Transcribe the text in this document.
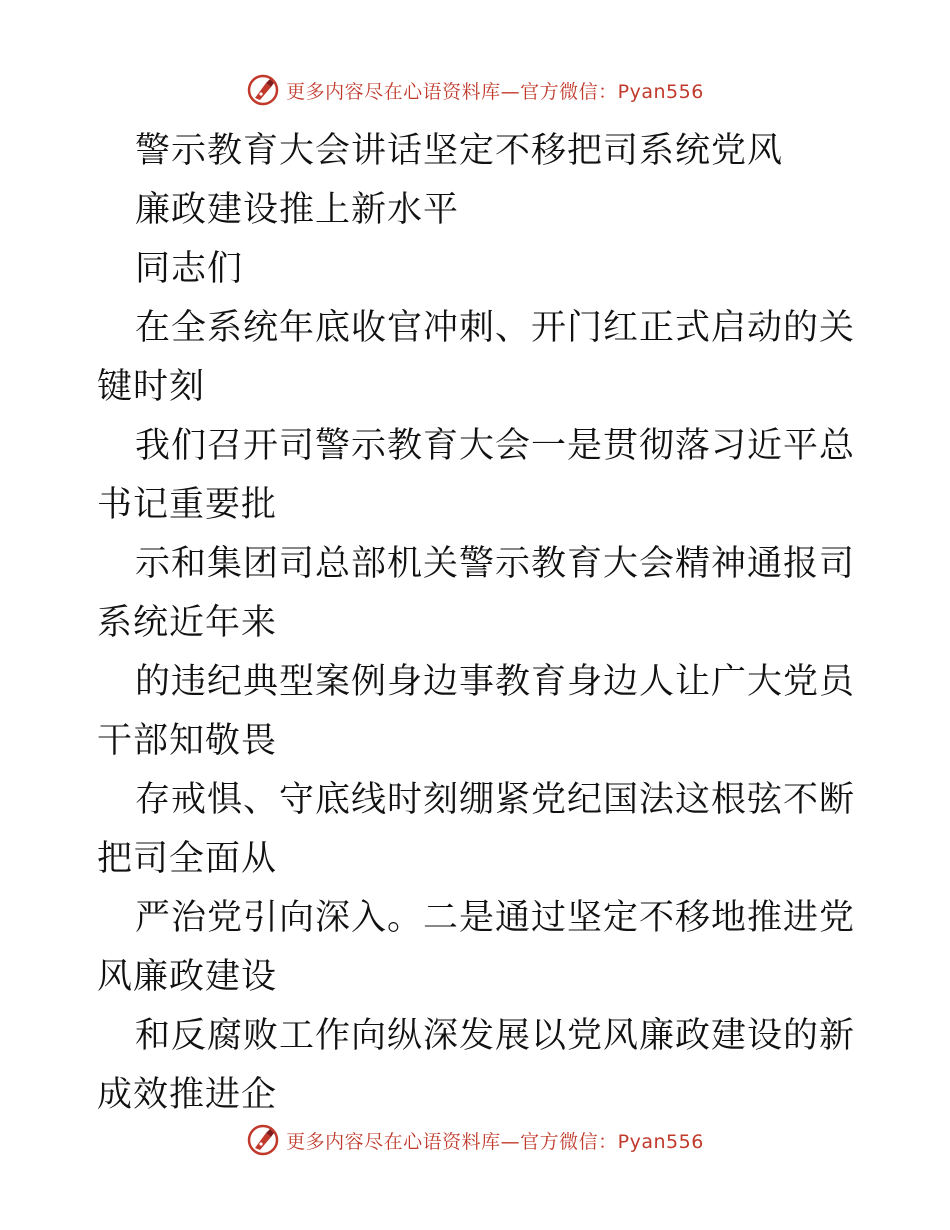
更多内容尽在心语资料库—官方微信：Pyan556

警示教育大会讲话坚定不移把司系统党风

廉政建设推上新水平

同志们

在全系统年底收官冲刺、开门红正式启动的关键时刻

我们召开司警示教育大会一是贯彻落习近平总书记重要批

示和集团司总部机关警示教育大会精神通报司系统近年来

的违纪典型案例身边事教育身边人让广大党员干部知敬畏

存戒惧、守底线时刻绷紧党纪国法这根弦不断把司全面从

严治党引向深入。二是通过坚定不移地推进党风廉政建设

和反腐败工作向纵深发展以党风廉政建设的新成效推进企

更多内容尽在心语资料库—官方微信：Pyan556
